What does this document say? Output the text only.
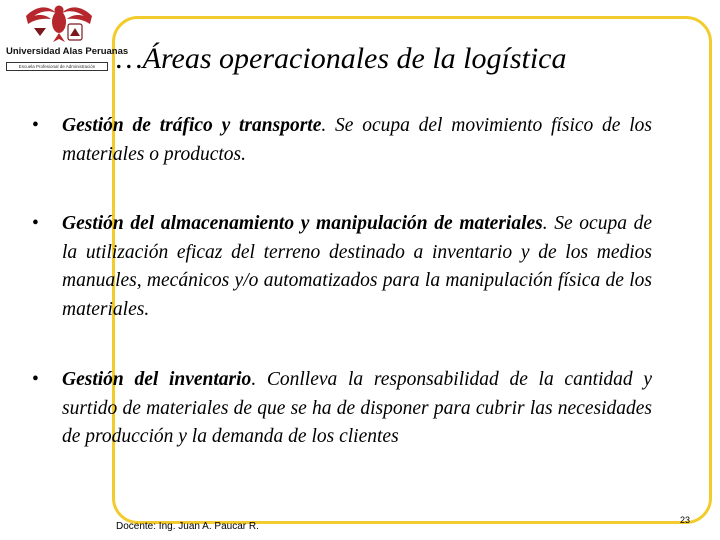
Universidad Alas Peruanas
Escuela Profesional de Administración …Áreas operacionales de la logística
• Gestión de tráfico y transporte. Se ocupa del movimiento físico de los materiales o productos.
• Gestión del almacenamiento y manipulación de materiales. Se ocupa de la utilización eficaz del terreno destinado a inventario y de los medios manuales, mecánicos y/o automatizados para la manipulación física de los materiales.
• Gestión del inventario. Conlleva la responsabilidad de la cantidad y surtido de materiales de que se ha de disponer para cubrir las necesidades de producción y la demanda de los clientes
Docente: Ing. Juan A. Paucar R.
23
